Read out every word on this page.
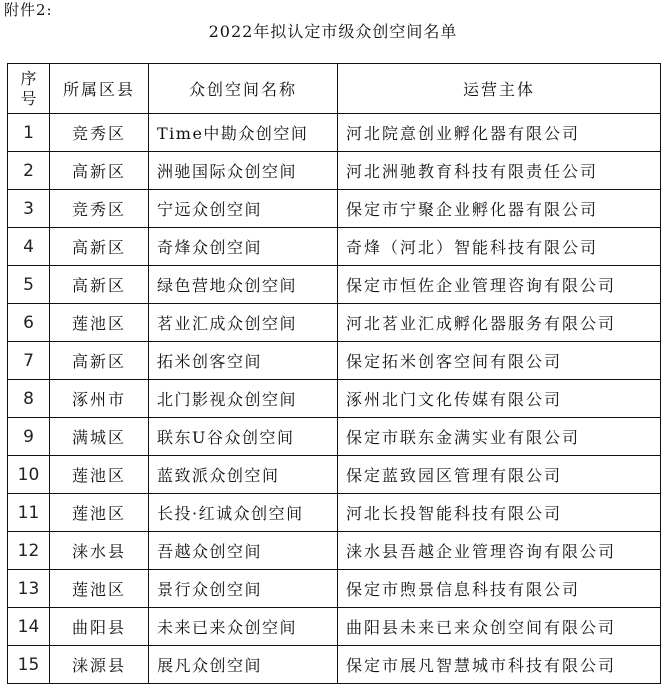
附件2:
2022年拟认定市级众创空间名单
序号	所属区县	众创空间名称	运营主体
1	竞秀区	Time中勘众创空间	河北院意创业孵化器有限公司
2	高新区	洲驰国际众创空间	河北洲驰教育科技有限责任公司
3	竞秀区	宁远众创空间	保定市宁聚企业孵化器有限公司
4	高新区	奇烽众创空间	奇烽（河北）智能科技有限公司
5	高新区	绿色营地众创空间	保定市恒佐企业管理咨询有限公司
6	莲池区	茗业汇成众创空间	河北茗业汇成孵化器服务有限公司
7	高新区	拓米创客空间	保定拓米创客空间有限公司
8	涿州市	北门影视众创空间	涿州北门文化传媒有限公司
9	满城区	联东U谷众创空间	保定市联东金满实业有限公司
10	莲池区	蓝致派众创空间	保定蓝致园区管理有限公司
11	莲池区	长投·红诚众创空间	河北长投智能科技有限公司
12	涞水县	吾越众创空间	涞水县吾越企业管理咨询有限公司
13	莲池区	景行众创空间	保定市煦景信息科技有限公司
14	曲阳县	未来已来众创空间	曲阳县未来已来众创空间有限公司
15	涞源县	展凡众创空间	保定市展凡智慧城市科技有限公司
